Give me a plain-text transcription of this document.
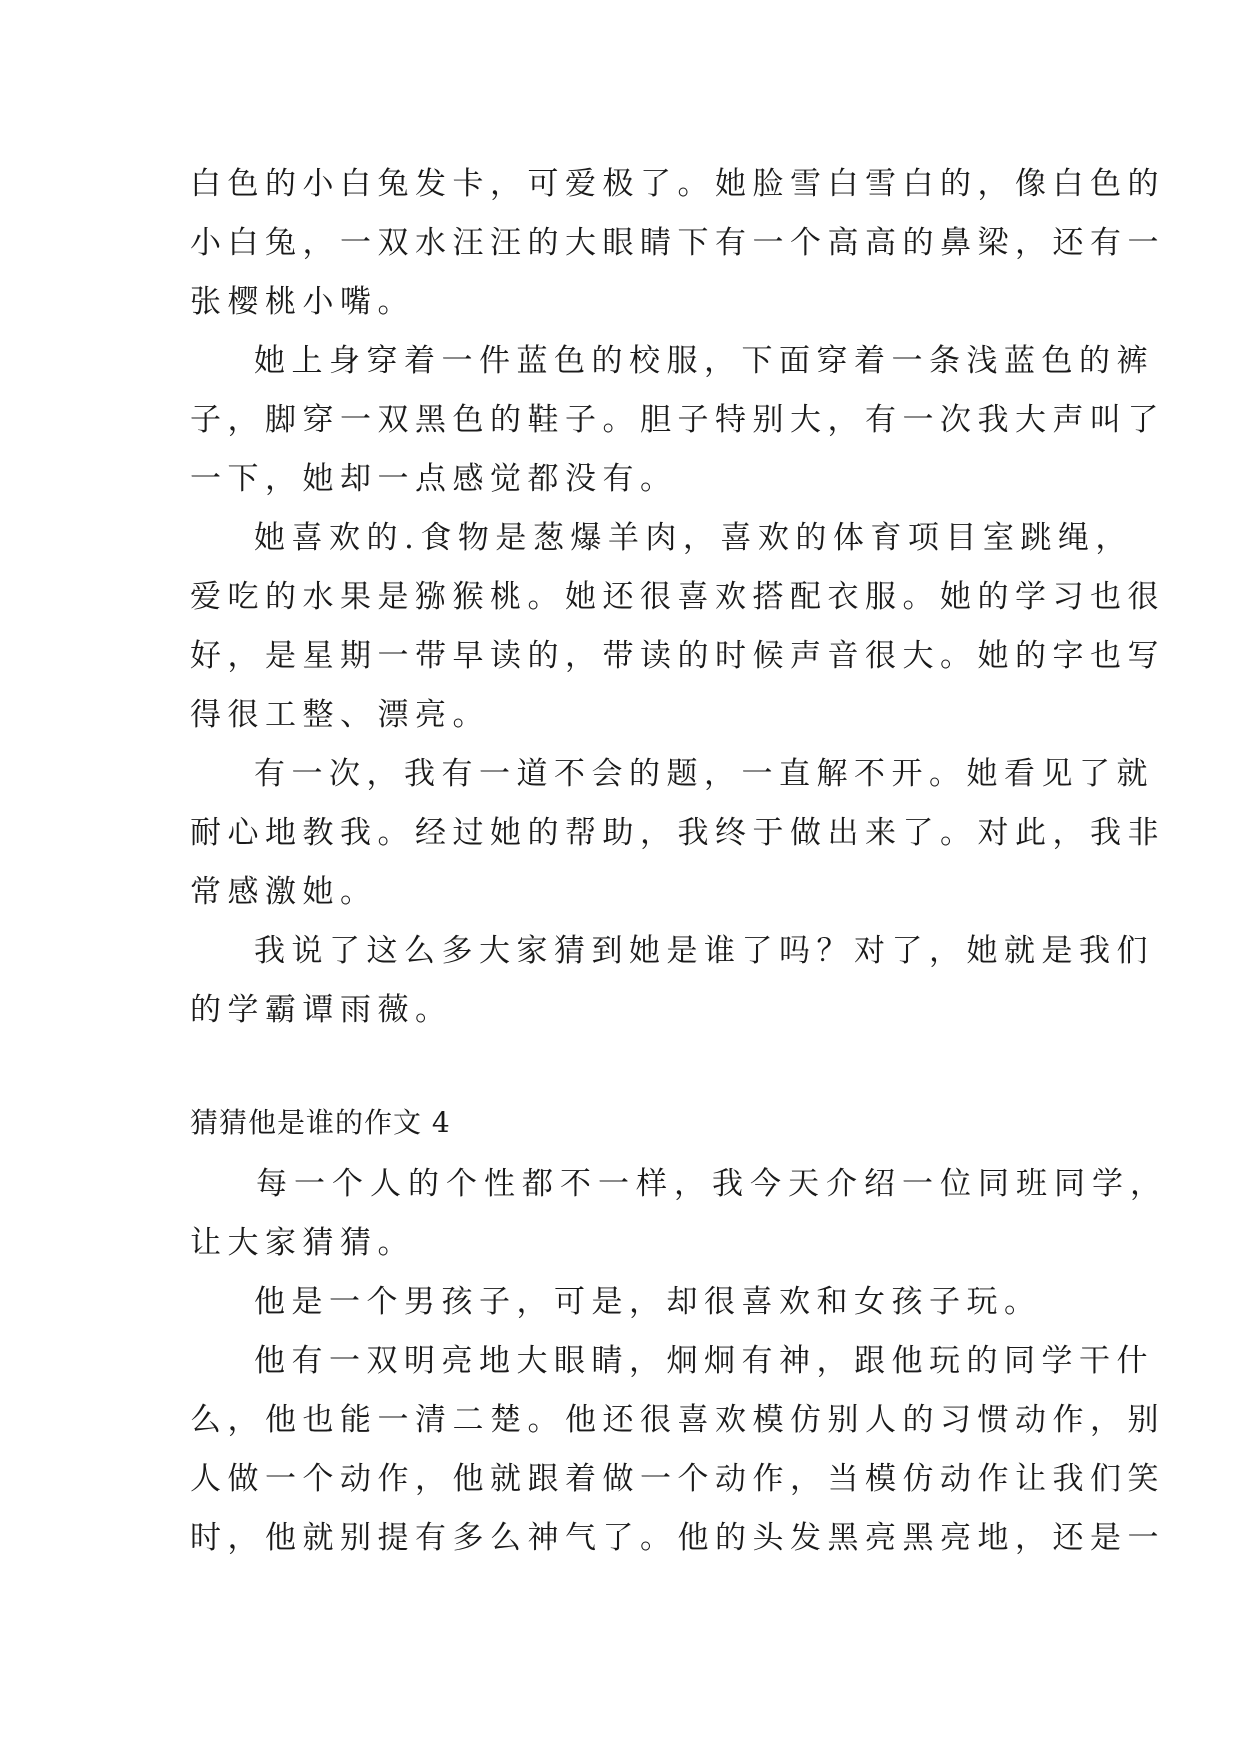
白色的小白兔发卡，可爱极了。她脸雪白雪白的，像白色的
小白兔，一双水汪汪的大眼睛下有一个高高的鼻梁，还有一
张樱桃小嘴。
她上身穿着一件蓝色的校服，下面穿着一条浅蓝色的裤
子，脚穿一双黑色的鞋子。胆子特别大，有一次我大声叫了
一下，她却一点感觉都没有。
她喜欢的.食物是葱爆羊肉，喜欢的体育项目室跳绳，
爱吃的水果是猕猴桃。她还很喜欢搭配衣服。她的学习也很
好，是星期一带早读的，带读的时候声音很大。她的字也写
得很工整、漂亮。
有一次，我有一道不会的题，一直解不开。她看见了就
耐心地教我。经过她的帮助，我终于做出来了。对此，我非
常感激她。
我说了这么多大家猜到她是谁了吗？对了，她就是我们
的学霸谭雨薇。
猜猜他是谁的作文 4
每一个人的个性都不一样，我今天介绍一位同班同学，
让大家猜猜。
他是一个男孩子，可是，却很喜欢和女孩子玩。
他有一双明亮地大眼睛，炯炯有神，跟他玩的同学干什
么，他也能一清二楚。他还很喜欢模仿别人的习惯动作，别
人做一个动作，他就跟着做一个动作，当模仿动作让我们笑
时，他就别提有多么神气了。他的头发黑亮黑亮地，还是一
